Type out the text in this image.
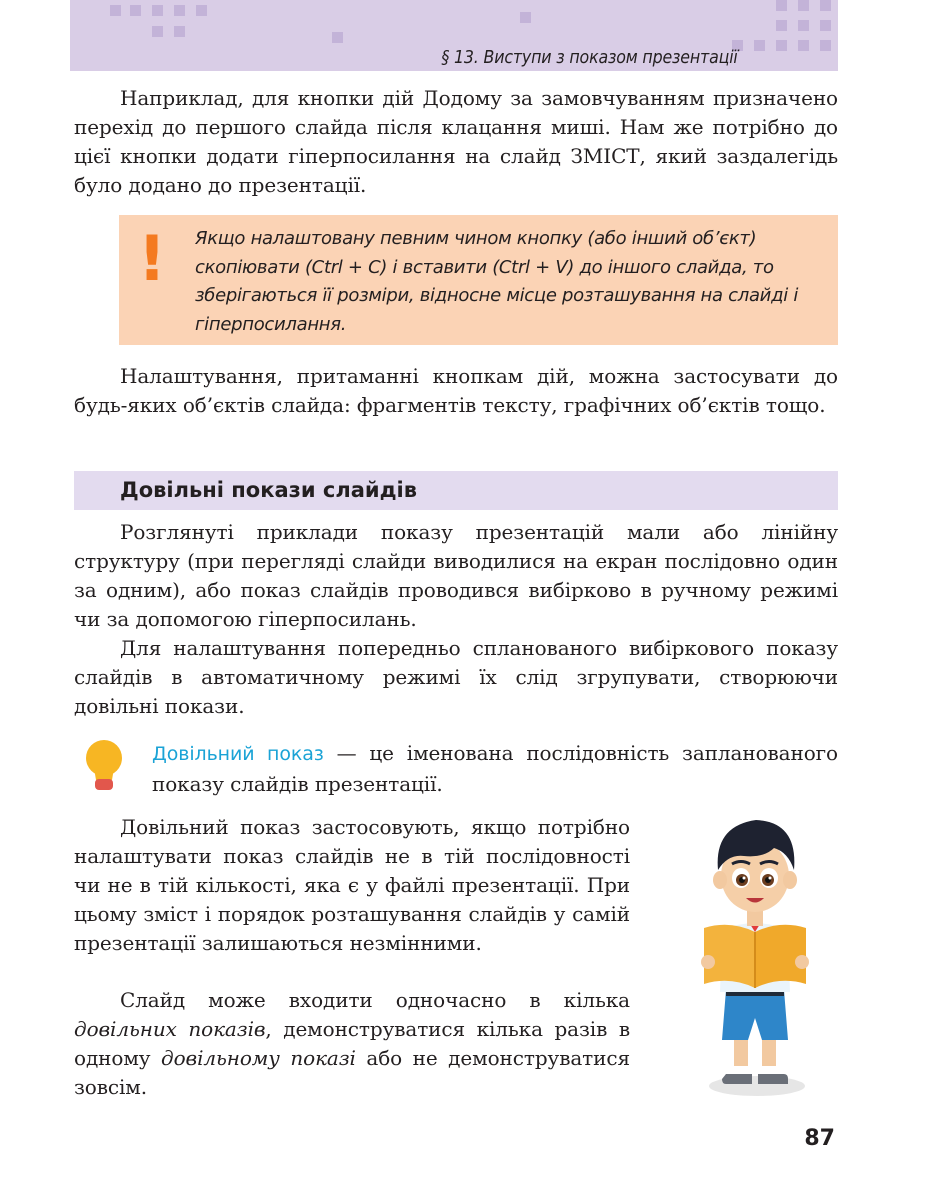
§ 13. Виступи з показом презентації

Наприклад, для кнопки дій Додому за замовчуванням призначено перехід до першого слайда після клацання миші. Нам же потрібно до цієї кнопки додати гіперпосилання на слайд ЗМІСТ, який заздалегідь було додано до презентації.

! Якщо налаштовану певним чином кнопку (або інший об’єкт) скопіювати (Ctrl + C) і вставити (Ctrl + V) до іншого слайда, то зберігаються її розміри, відносне місце розташування на слайді і гіперпосилання.

Налаштування, притаманні кнопкам дій, можна застосувати до будь-яких об’єктів слайда: фрагментів тексту, графічних об’єктів тощо.

Довільні покази слайдів

Розглянуті приклади показу презентацій мали або лінійну структуру (при перегляді слайди виводилися на екран послідовно один за одним), або показ слайдів проводився вибірково в ручному режимі чи за допомогою гіперпосилань.

Для налаштування попередньо спланованого вибіркового показу слайдів в автоматичному режимі їх слід згрупувати, створюючи довільні покази.

Довільний показ — це іменована послідовність запланованого показу слайдів презентації.

Довільний показ застосовують, якщо потрібно налаштувати показ слайдів не в тій послідовності чи не в тій кількості, яка є у файлі презентації. При цьому зміст і порядок розташування слайдів у самій презентації залишаються незмінними.

Слайд може входити одночасно в кілька довільних показів, демонструватися кілька разів в одному довільному показі або не демонструватися зовсім.

87
